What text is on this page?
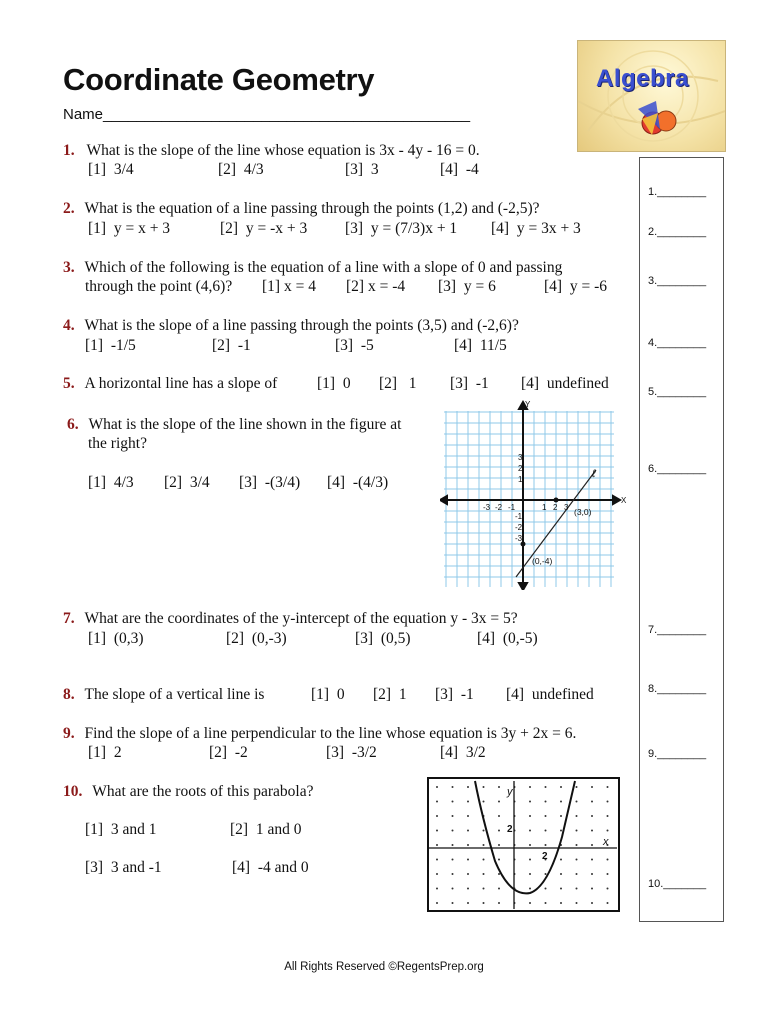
Coordinate Geometry
Name____________________________________________
Algebra
1.________
2.________
3.________
4.________
5.________
6.________
7.________
8.________
9.________
10._______
1. What is the slope of the line whose equation is 3x - 4y - 16 = 0.
[1]  3/4	[2]  4/3	[3]  3	[4]  -4
2. What is the equation of a line passing through the points (1,2) and (-2,5)?
[1]  y = x + 3	[2]  y = -x + 3 [3]  y = (7/3)x + 1 [4]  y = 3x + 3
3. Which of the following is the equation of a line with a slope of 0 and passing
through the point (4,6)? [1] x = 4 [2] x = -4 [3]  y = 6	[4]  y = -6
4. What is the slope of a line passing through the points (3,5) and (-2,6)?
[1]  -1/5	[2]  -1	[3]  -5	[4]  11/5
5. A horizontal line has a slope of	[1]  0 [2]   1 [3]  -1 [4]  undefined
6. What is the slope of the line shown in the figure at
the right?
[1]  4/3 [2]  3/4 [3]  -(3/4) [4]  -(4/3)
X
Y
ℓ
(3,0)
(0,-4)
-3 -2 -1	1 2 3
3
2
1
-1
-2
-3
7. What are the coordinates of the y-intercept of the equation y - 3x = 5?
[1]  (0,3)	[2]  (0,-3)	[3]  (0,5)	[4]  (0,-5)
8. The slope of a vertical line is	[1]  0 [2]  1 [3]  -1 [4]  undefined
9. Find the slope of a line perpendicular to the line whose equation is 3y + 2x = 6.
[1]  2	[2]  -2	[3]  -3/2	[4]  3/2
10. What are the roots of this parabola?
[1]  3 and 1	[2]  1 and 0
[3]  3 and -1	[4]  -4 and 0
x
y
2
2
All Rights Reserved ©RegentsPrep.org
